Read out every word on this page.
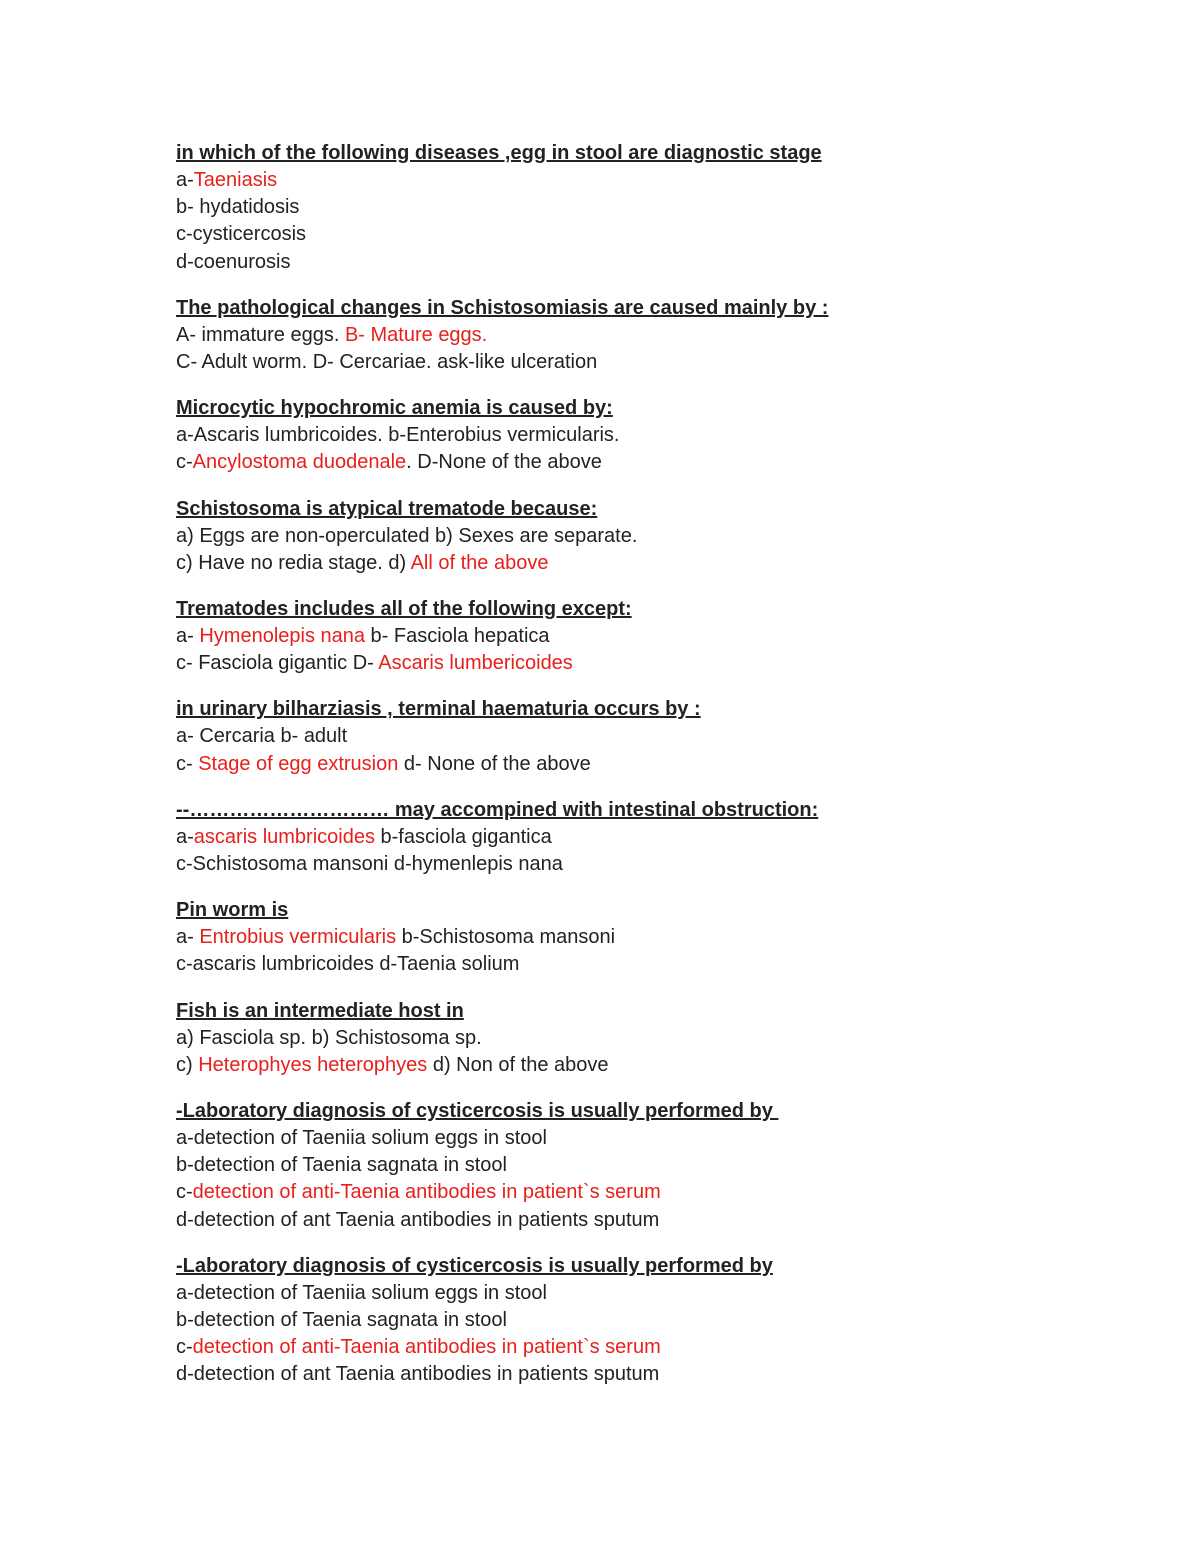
in which of the following diseases ,egg in stool are diagnostic stage
a-Taeniasis
b- hydatidosis
c-cysticercosis
d-coenurosis
The pathological changes in Schistosomiasis are caused mainly by :
A- immature eggs. B- Mature eggs.
C- Adult worm. D- Cercariae. ask-like ulceration
Microcytic hypochromic anemia is caused by:
a-Ascaris lumbricoides. b-Enterobius vermicularis.
c-Ancylostoma duodenale. D-None of the above
Schistosoma is atypical trematode because:
a) Eggs are non-operculated b) Sexes are separate.
c) Have no redia stage. d) All of the above
Trematodes includes all of the following except:
a- Hymenolepis nana b- Fasciola hepatica
c- Fasciola gigantic D- Ascaris lumbericoides
in urinary bilharziasis , terminal haematuria occurs by :
a- Cercaria b- adult
c- Stage of egg extrusion d- None of the above
--………………………… may accompined with intestinal obstruction:
a-ascaris lumbricoides b-fasciola gigantica
c-Schistosoma mansoni d-hymenlepis nana
Pin worm is
a- Entrobius vermicularis b-Schistosoma mansoni
c-ascaris lumbricoides d-Taenia solium
Fish is an intermediate host in
a) Fasciola sp. b) Schistosoma sp.
c) Heterophyes heterophyes d) Non of the above
-Laboratory diagnosis of cysticercosis is usually performed by
a-detection of Taeniia solium eggs in stool
b-detection of Taenia sagnata in stool
c-detection of anti-Taenia antibodies in patient`s serum
d-detection of ant Taenia antibodies in patients sputum
-Laboratory diagnosis of cysticercosis is usually performed by
a-detection of Taeniia solium eggs in stool
b-detection of Taenia sagnata in stool
c-detection of anti-Taenia antibodies in patient`s serum
d-detection of ant Taenia antibodies in patients sputum
